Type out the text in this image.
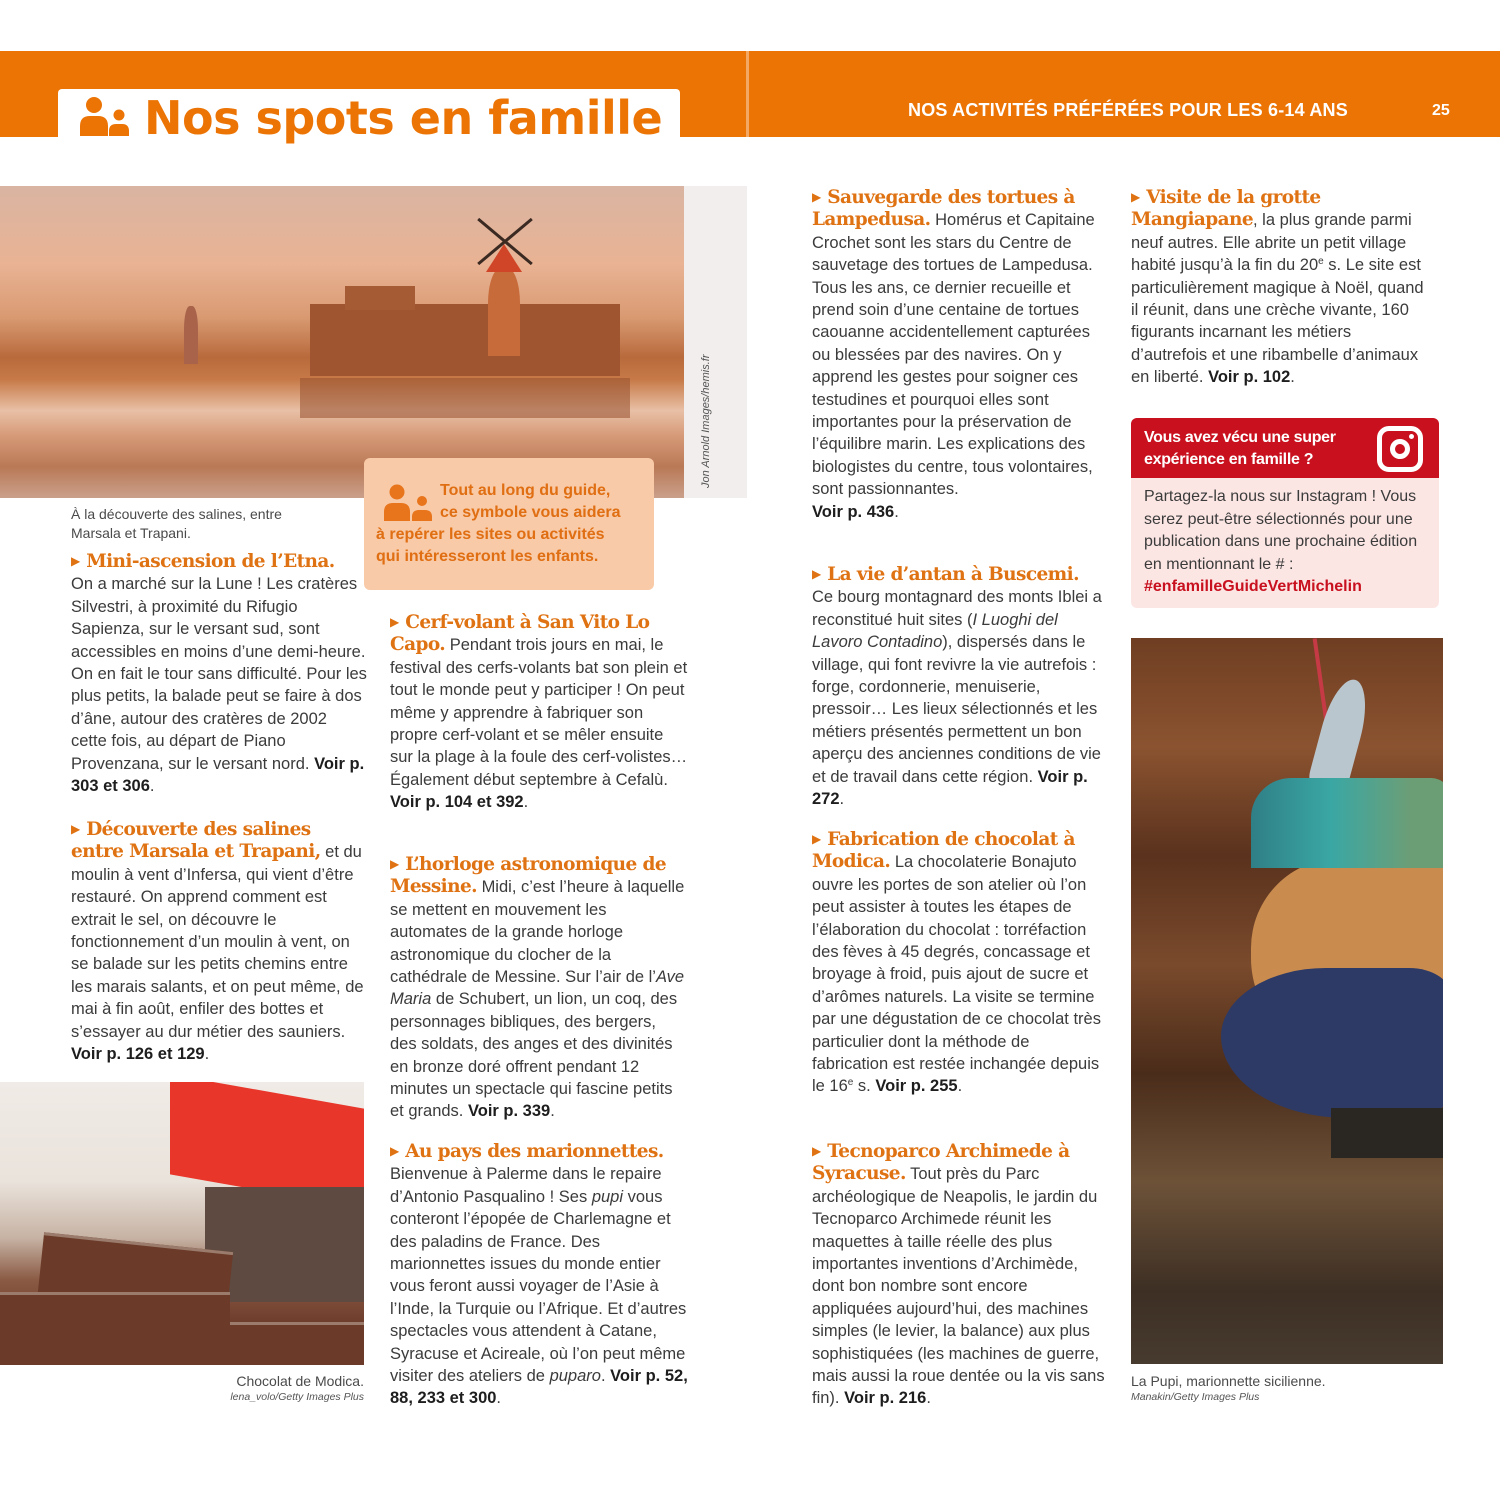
Nos spots en famille	NOS ACTIVITÉS PRÉFÉRÉES POUR LES 6-14 ANS	25
Jon Arnold Images/hemis.fr
À la découverte des salines, entre Marsala et Trapani.
Tout au long du guide,
ce symbole vous aidera
à repérer les sites ou activités
qui intéresseront les enfants.
▶ Mini-ascension de l’Etna.
On a marché sur la Lune ! Les cratères Silvestri, à proximité du Rifugio Sapienza, sur le versant sud, sont accessibles en moins d’une demi-heure. On en fait le tour sans difficulté. Pour les plus petits, la balade peut se faire à dos d’âne, autour des cratères de 2002 cette fois, au départ de Piano Provenzana, sur le versant nord. Voir p. 303 et 306.
▶ Découverte des salines entre Marsala et Trapani, et du moulin à vent d’Infersa, qui vient d’être restauré. On apprend comment est extrait le sel, on découvre le fonctionnement d’un moulin à vent, on se balade sur les petits chemins entre les marais salants, et on peut même, de mai à fin août, enfiler des bottes et s’essayer au dur métier des sauniers. Voir p. 126 et 129.
Chocolat de Modica.
lena_volo/Getty Images Plus
▶ Cerf-volant à San Vito Lo Capo. Pendant trois jours en mai, le festival des cerfs-volants bat son plein et tout le monde peut y participer ! On peut même y apprendre à fabriquer son propre cerf-volant et se mêler ensuite sur la plage à la foule des cerf-volistes… Également début septembre à Cefalù.
Voir p. 104 et 392.
▶ L’horloge astronomique de Messine. Midi, c’est l’heure à laquelle se mettent en mouvement les automates de la grande horloge astronomique du clocher de la cathédrale de Messine. Sur l’air de l’Ave Maria de Schubert, un lion, un coq, des personnages bibliques, des bergers, des soldats, des anges et des divinités en bronze doré offrent pendant 12 minutes un spectacle qui fascine petits et grands. Voir p. 339.
▶ Au pays des marionnettes.
Bienvenue à Palerme dans le repaire d’Antonio Pasqualino ! Ses pupi vous conteront l’épopée de Charlemagne et des paladins de France. Des marionnettes issues du monde entier vous feront aussi voyager de l’Asie à l’Inde, la Turquie ou l’Afrique. Et d’autres spectacles vous attendent à Catane, Syracuse et Acireale, où l’on peut même visiter des ateliers de puparo. Voir p. 52, 88, 233 et 300.
▶ Sauvegarde des tortues à Lampedusa. Homérus et Capitaine Crochet sont les stars du Centre de sauvetage des tortues de Lampedusa. Tous les ans, ce dernier recueille et prend soin d’une centaine de tortues caouanne accidentellement capturées ou blessées par des navires. On y apprend les gestes pour soigner ces testudines et pourquoi elles sont importantes pour la préservation de l’équilibre marin. Les explications des biologistes du centre, tous volontaires, sont passionnantes.
Voir p. 436.
▶ La vie d’antan à Buscemi.
Ce bourg montagnard des monts Iblei a reconstitué huit sites (I Luoghi del Lavoro Contadino), dispersés dans le village, qui font revivre la vie autrefois : forge, cordonnerie, menuiserie, pressoir… Les lieux sélectionnés et les métiers présentés permettent un bon aperçu des anciennes conditions de vie et de travail dans cette région. Voir p. 272.
▶ Fabrication de chocolat à Modica. La chocolaterie Bonajuto ouvre les portes de son atelier où l’on peut assister à toutes les étapes de l’élaboration du chocolat : torréfaction des fèves à 45 degrés, concassage et broyage à froid, puis ajout de sucre et d’arômes naturels. La visite se termine par une dégustation de ce chocolat très particulier dont la méthode de fabrication est restée inchangée depuis le 16e s. Voir p. 255.
▶ Tecnoparco Archimede à Syracuse. Tout près du Parc archéologique de Neapolis, le jardin du Tecnoparco Archimede réunit les maquettes à taille réelle des plus importantes inventions d’Archimède, dont bon nombre sont encore appliquées aujourd’hui, des machines simples (le levier, la balance) aux plus sophistiquées (les machines de guerre, mais aussi la roue dentée ou la vis sans fin). Voir p. 216.
▶ Visite de la grotte Mangiapane, la plus grande parmi neuf autres. Elle abrite un petit village habité jusqu’à la fin du 20e s. Le site est particulièrement magique à Noël, quand il réunit, dans une crèche vivante, 160 figurants incarnant les métiers d’autrefois et une ribambelle d’animaux en liberté. Voir p. 102.
Vous avez vécu une super expérience en famille ?
Partagez-la nous sur Instagram ! Vous serez peut-être sélectionnés pour une publication dans une prochaine édition en mentionnant le # : #enfamilleGuideVertMichelin
La Pupi, marionnette sicilienne.
Manakin/Getty Images Plus
